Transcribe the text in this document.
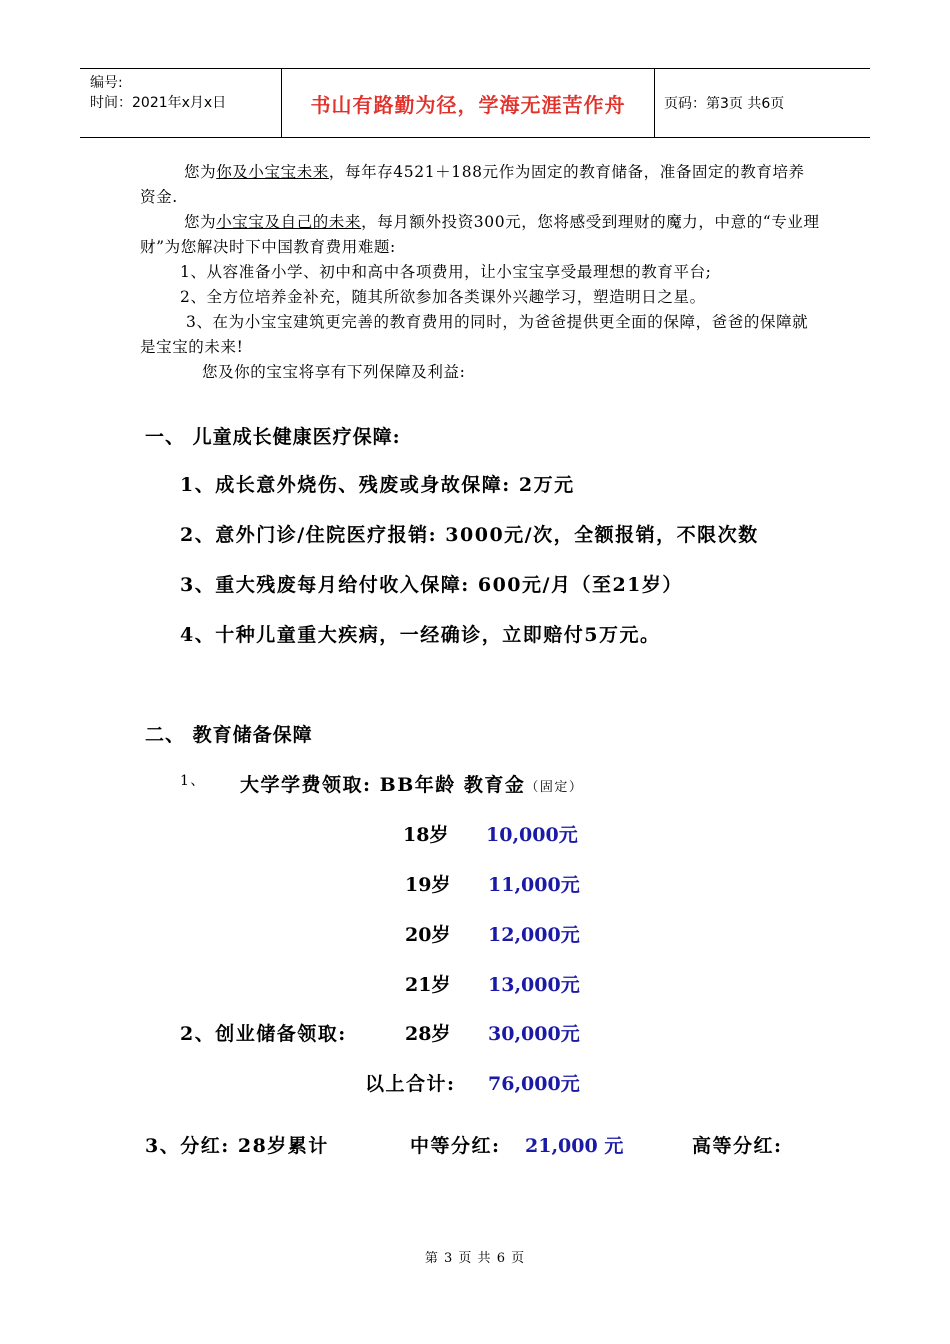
编号:
时间：2021年x月x日	书山有路勤为径，学海无涯苦作舟	页码：第3页 共6页
您为你及小宝宝未来，每年存4521＋188元作为固定的教育储备，准备固定的教育培养资金.
您为小宝宝及自己的未来，每月额外投资300元，您将感受到理财的魔力，中意的“专业理财”为您解决时下中国教育费用难题:
1、从容准备小学、初中和高中各项费用，让小宝宝享受最理想的教育平台;
2、全方位培养金补充，随其所欲参加各类课外兴趣学习，塑造明日之星。
3、在为小宝宝建筑更完善的教育费用的同时，为爸爸提供更全面的保障，爸爸的保障就是宝宝的未来!
您及你的宝宝将享有下列保障及利益:
一、 儿童成长健康医疗保障:
1、成长意外烧伤、残废或身故保障: 2万元
2、意外门诊/住院医疗报销: 3000元/次，全额报销，不限次数
3、重大残废每月给付收入保障: 600元/月（至21岁）
4、十种儿童重大疾病，一经确诊，立即赔付5万元。
二、 教育储备保障
1、 大学学费领取: BB年龄 教育金（固定）
18岁 10,000元
19岁 11,000元
20岁 12,000元
21岁 13,000元
2、创业储备领取:	28岁 30,000元
以上合计: 76,000元
3、分红: 28岁累计	中等分红: 21,000 元	高等分红:
第 3 页 共 6 页
